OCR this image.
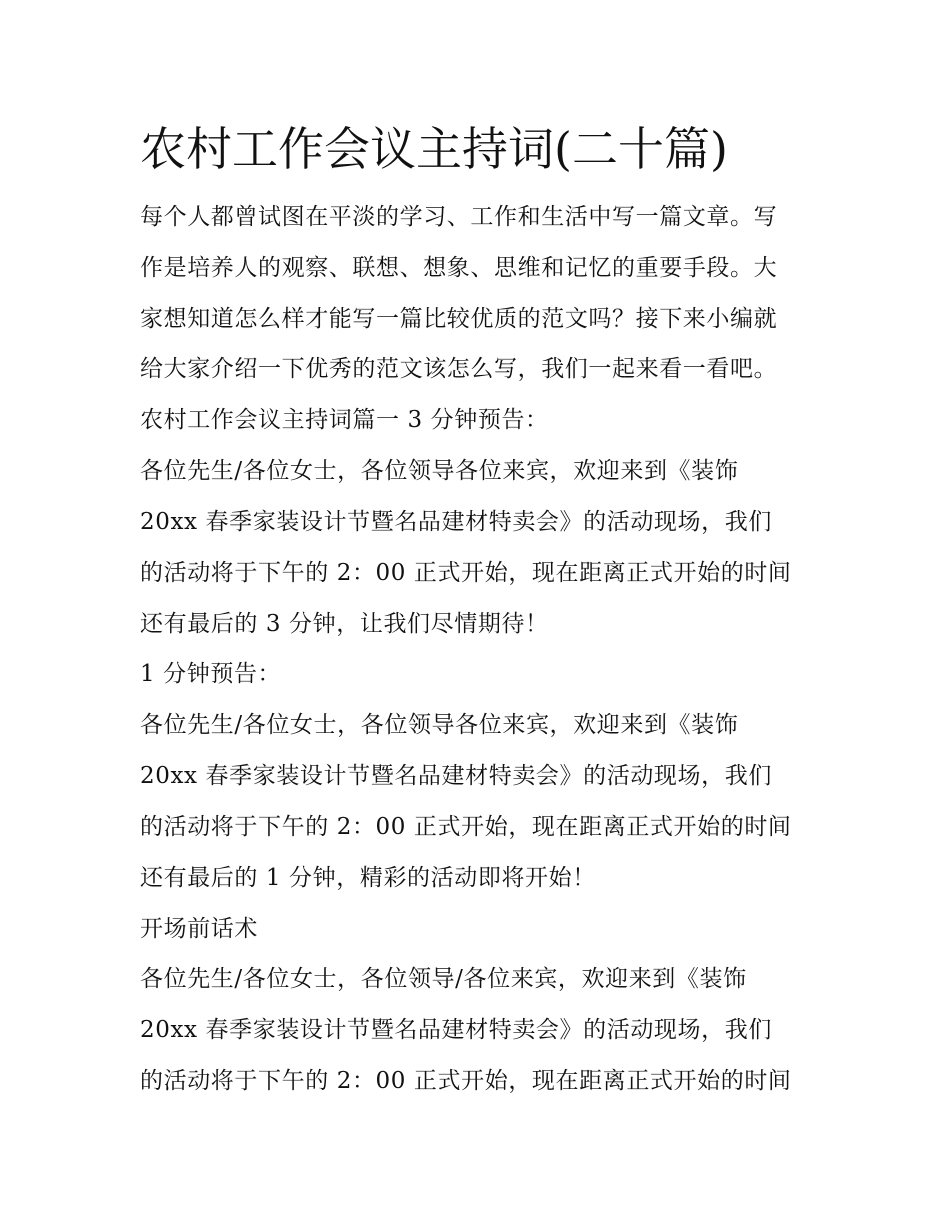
农村工作会议主持词(二十篇)
每个人都曾试图在平淡的学习、工作和生活中写一篇文章。写
作是培养人的观察、联想、想象、思维和记忆的重要手段。大
家想知道怎么样才能写一篇比较优质的范文吗？接下来小编就
给大家介绍一下优秀的范文该怎么写，我们一起来看一看吧。
农村工作会议主持词篇一 3 分钟预告：
各位先生/各位女士，各位领导各位来宾，欢迎来到《装饰
20xx 春季家装设计节暨名品建材特卖会》的活动现场，我们
的活动将于下午的 2：00 正式开始，现在距离正式开始的时间
还有最后的 3 分钟，让我们尽情期待！
1 分钟预告：
各位先生/各位女士，各位领导各位来宾，欢迎来到《装饰
20xx 春季家装设计节暨名品建材特卖会》的活动现场，我们
的活动将于下午的 2：00 正式开始，现在距离正式开始的时间
还有最后的 1 分钟，精彩的活动即将开始！
开场前话术
各位先生/各位女士，各位领导/各位来宾，欢迎来到《装饰
20xx 春季家装设计节暨名品建材特卖会》的活动现场，我们
的活动将于下午的 2：00 正式开始，现在距离正式开始的时间
